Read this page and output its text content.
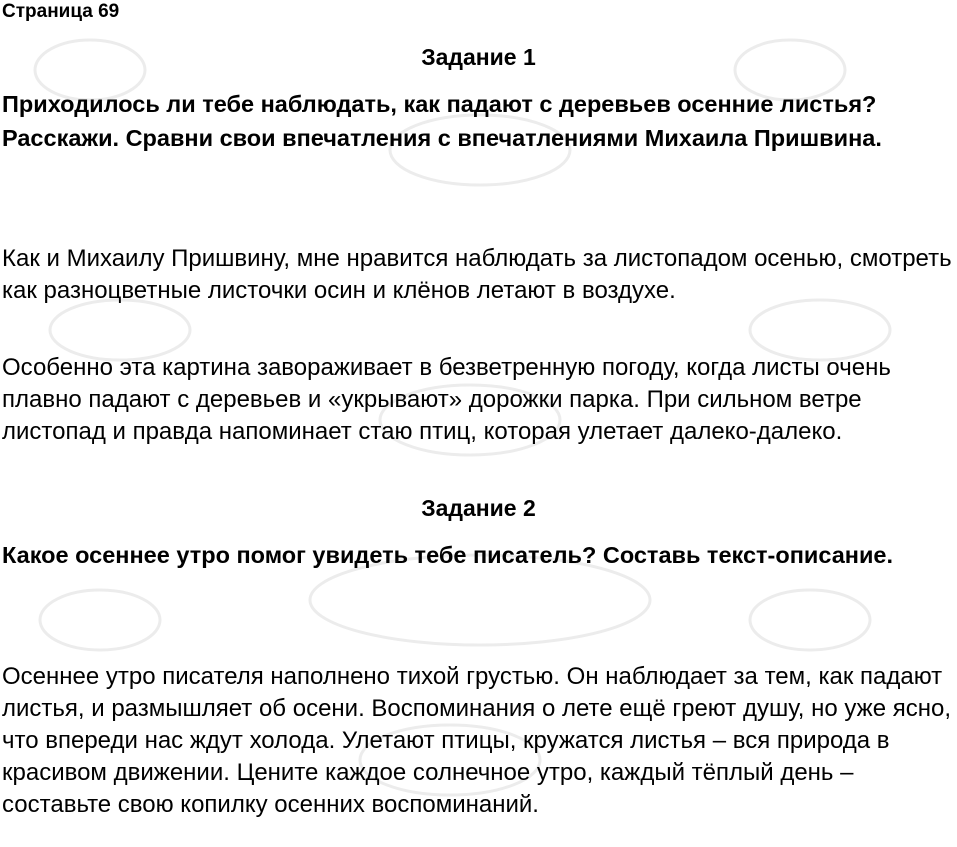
Страница 69
Задание 1
Приходилось ли тебе наблюдать, как падают с деревьев осенние листья? Расскажи. Сравни свои впечатления с впечатлениями Михаила Пришвина.

Как и Михаилу Пришвину, мне нравится наблюдать за листопадом осенью, смотреть как разноцветные листочки осин и клёнов летают в воздухе.

Особенно эта картина завораживает в безветренную погоду, когда листы очень плавно падают с деревьев и «укрывают» дорожки парка. При сильном ветре листопад и правда напоминает стаю птиц, которая улетает далеко-далеко.

Задание 2
Какое осеннее утро помог увидеть тебе писатель? Составь текст-описание.

Осеннее утро писателя наполнено тихой грустью. Он наблюдает за тем, как падают листья, и размышляет об осени. Воспоминания о лете ещё греют душу, но уже ясно, что впереди нас ждут холода. Улетают птицы, кружатся листья – вся природа в красивом движении. Цените каждое солнечное утро, каждый тёплый день – составьте свою копилку осенних воспоминаний.
